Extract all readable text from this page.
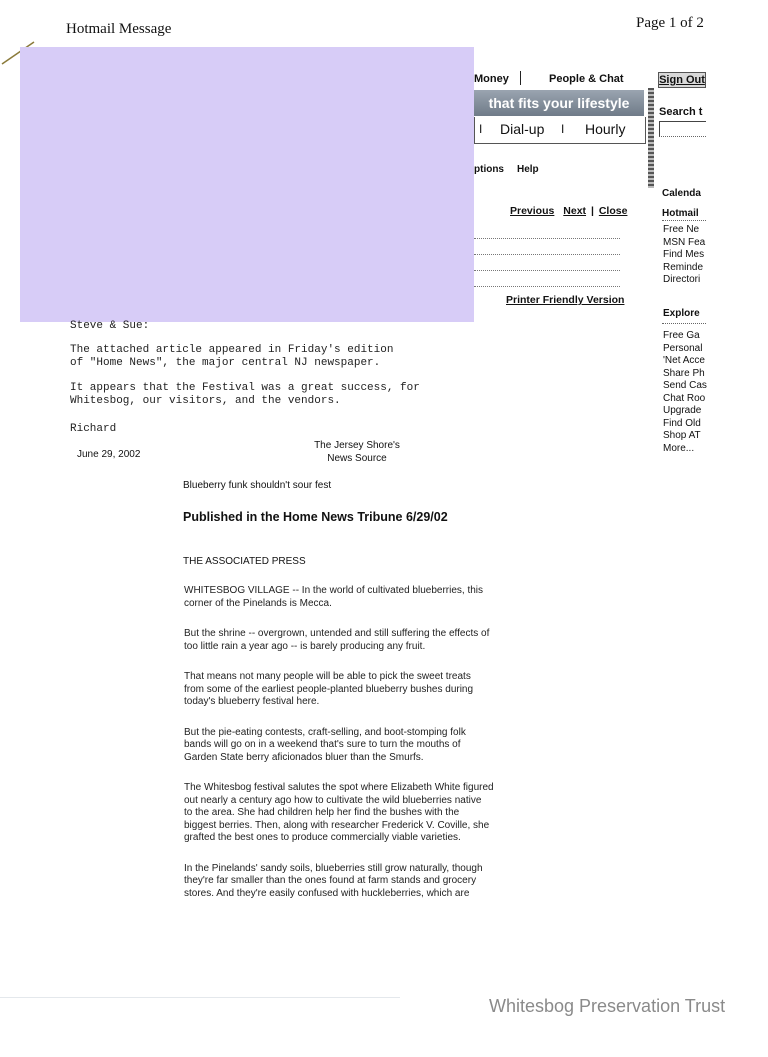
Hotmail Message	Page 1 of 2
Money	People & Chat	Sign Out
that fits your lifestyle
I Dial-up I Hourly
Search t
ptions Help
Previous Next | Close
Printer Friendly Version
Calenda
Hotmail
Free Ne
MSN Fea
Find Mes
Reminde
Directori
Explore
Free Ga
Personal
'Net Acce
Share Ph
Send Cas
Chat Roo
Upgrade
Find Old
Shop AT
More...
Steve & Sue:
The attached article appeared in Friday's edition
of "Home News", the major central NJ newspaper.
It appears that the Festival was a great success, for
Whitesbog, our visitors, and the vendors.
Richard
June 29, 2002
The Jersey Shore's
News Source
Blueberry funk shouldn't sour fest
Published in the Home News Tribune 6/29/02
THE ASSOCIATED PRESS

WHITESBOG VILLAGE -- In the world of cultivated blueberries, this
corner of the Pinelands is Mecca.

But the shrine -- overgrown, untended and still suffering the effects of
too little rain a year ago -- is barely producing any fruit.

That means not many people will be able to pick the sweet treats
from some of the earliest people-planted blueberry bushes during
today's blueberry festival here.

But the pie-eating contests, craft-selling, and boot-stomping folk
bands will go on in a weekend that's sure to turn the mouths of
Garden State berry aficionados bluer than the Smurfs.

The Whitesbog festival salutes the spot where Elizabeth White figured
out nearly a century ago how to cultivate the wild blueberries native
to the area. She had children help her find the bushes with the
biggest berries. Then, along with researcher Frederick V. Coville, she
grafted the best ones to produce commercially viable varieties.

In the Pinelands' sandy soils, blueberries still grow naturally, though
they're far smaller than the ones found at farm stands and grocery
stores. And they're easily confused with huckleberries, which are

Whitesbog Preservation Trust
